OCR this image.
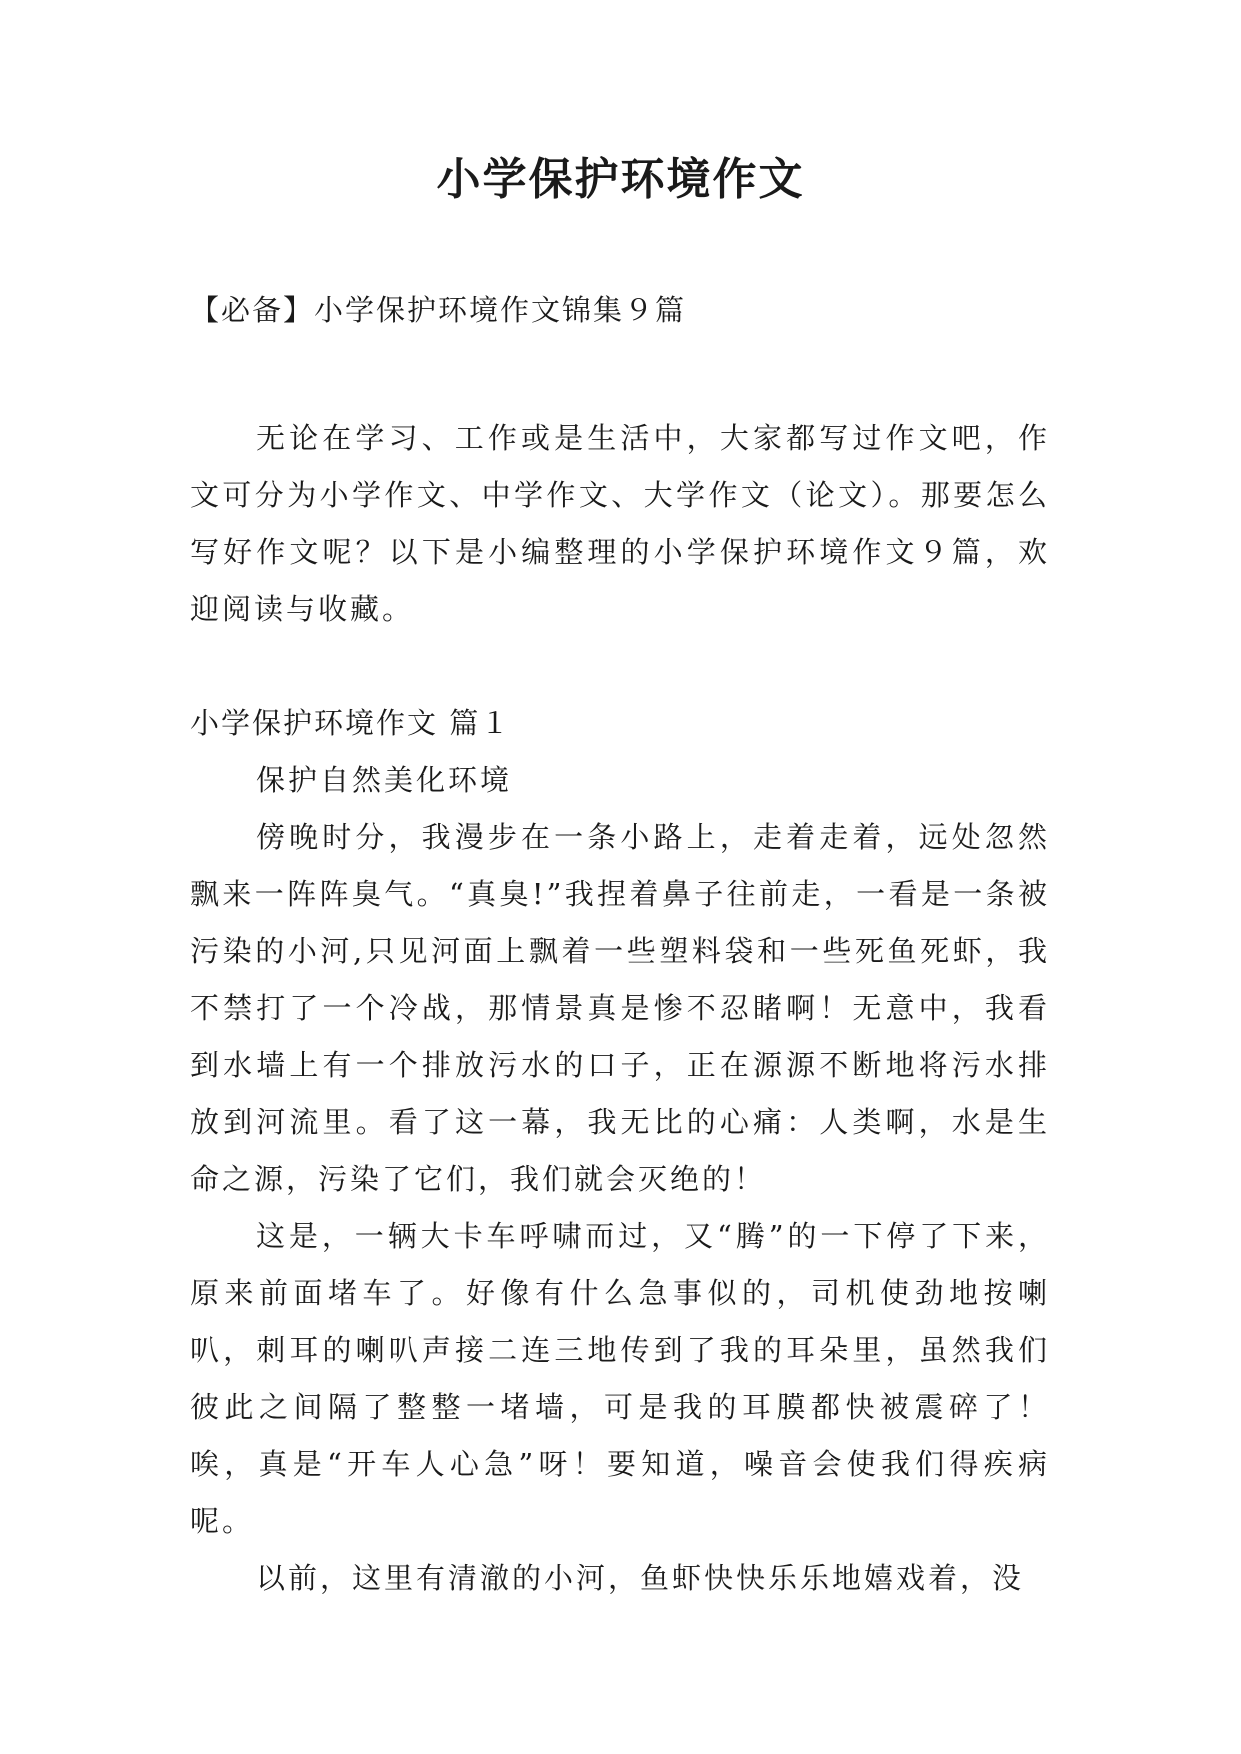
小学保护环境作文
【必备】小学保护环境作文锦集９篇

无论在学习、工作或是生活中，大家都写过作文吧，作文可分为小学作文、中学作文、大学作文（论文）。那要怎么写好作文呢？以下是小编整理的小学保护环境作文９篇，欢迎阅读与收藏。

小学保护环境作文 篇１

保护自然美化环境

傍晚时分，我漫步在一条小路上，走着走着，远处忽然飘来一阵阵臭气。“真臭!”我捏着鼻子往前走，一看是一条被污染的小河,只见河面上飘着一些塑料袋和一些死鱼死虾，我不禁打了一个冷战，那情景真是惨不忍睹啊！无意中，我看到水墙上有一个排放污水的口子，正在源源不断地将污水排放到河流里。看了这一幕，我无比的心痛：人类啊，水是生命之源，污染了它们，我们就会灭绝的！

这是，一辆大卡车呼啸而过，又“腾”的一下停了下来，原来前面堵车了。好像有什么急事似的，司机使劲地按喇叭，刺耳的喇叭声接二连三地传到了我的耳朵里，虽然我们彼此之间隔了整整一堵墙，可是我的耳膜都快被震碎了！唉，真是“开车人心急”呀！要知道，噪音会使我们得疾病呢。

以前，这里有清澈的小河，鱼虾快快乐乐地嬉戏着，没
